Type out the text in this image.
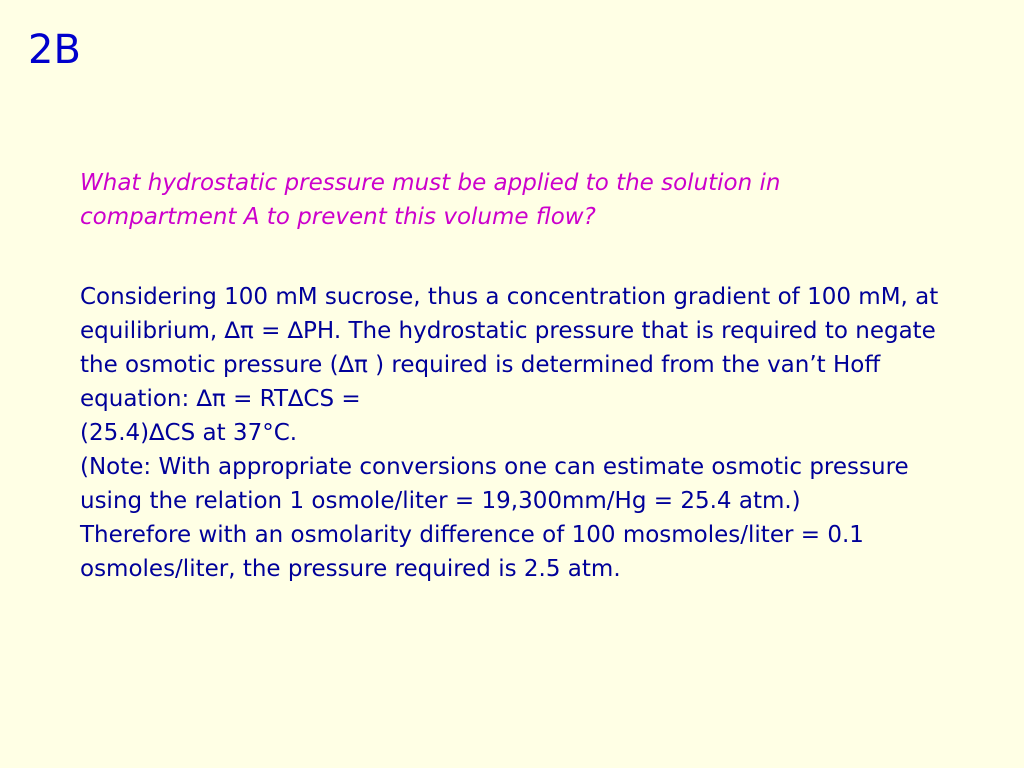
2B
What hydrostatic pressure must be applied to the solution in compartment A to prevent this volume flow?
Considering 100 mM sucrose, thus a concentration gradient of 100 mM, at equilibrium, ∆π = ∆PH. The hydrostatic pressure that is required to negate the osmotic pressure (∆π ) required is determined from the van’t Hoff equation: ∆π = RT∆CS =
(25.4)∆CS at 37°C.
(Note: With appropriate conversions one can estimate osmotic pressure using the relation 1 osmole/liter = 19,300mm/Hg = 25.4 atm.)
Therefore with an osmolarity difference of 100 mosmoles/liter = 0.1 osmoles/liter, the pressure required is 2.5 atm.
